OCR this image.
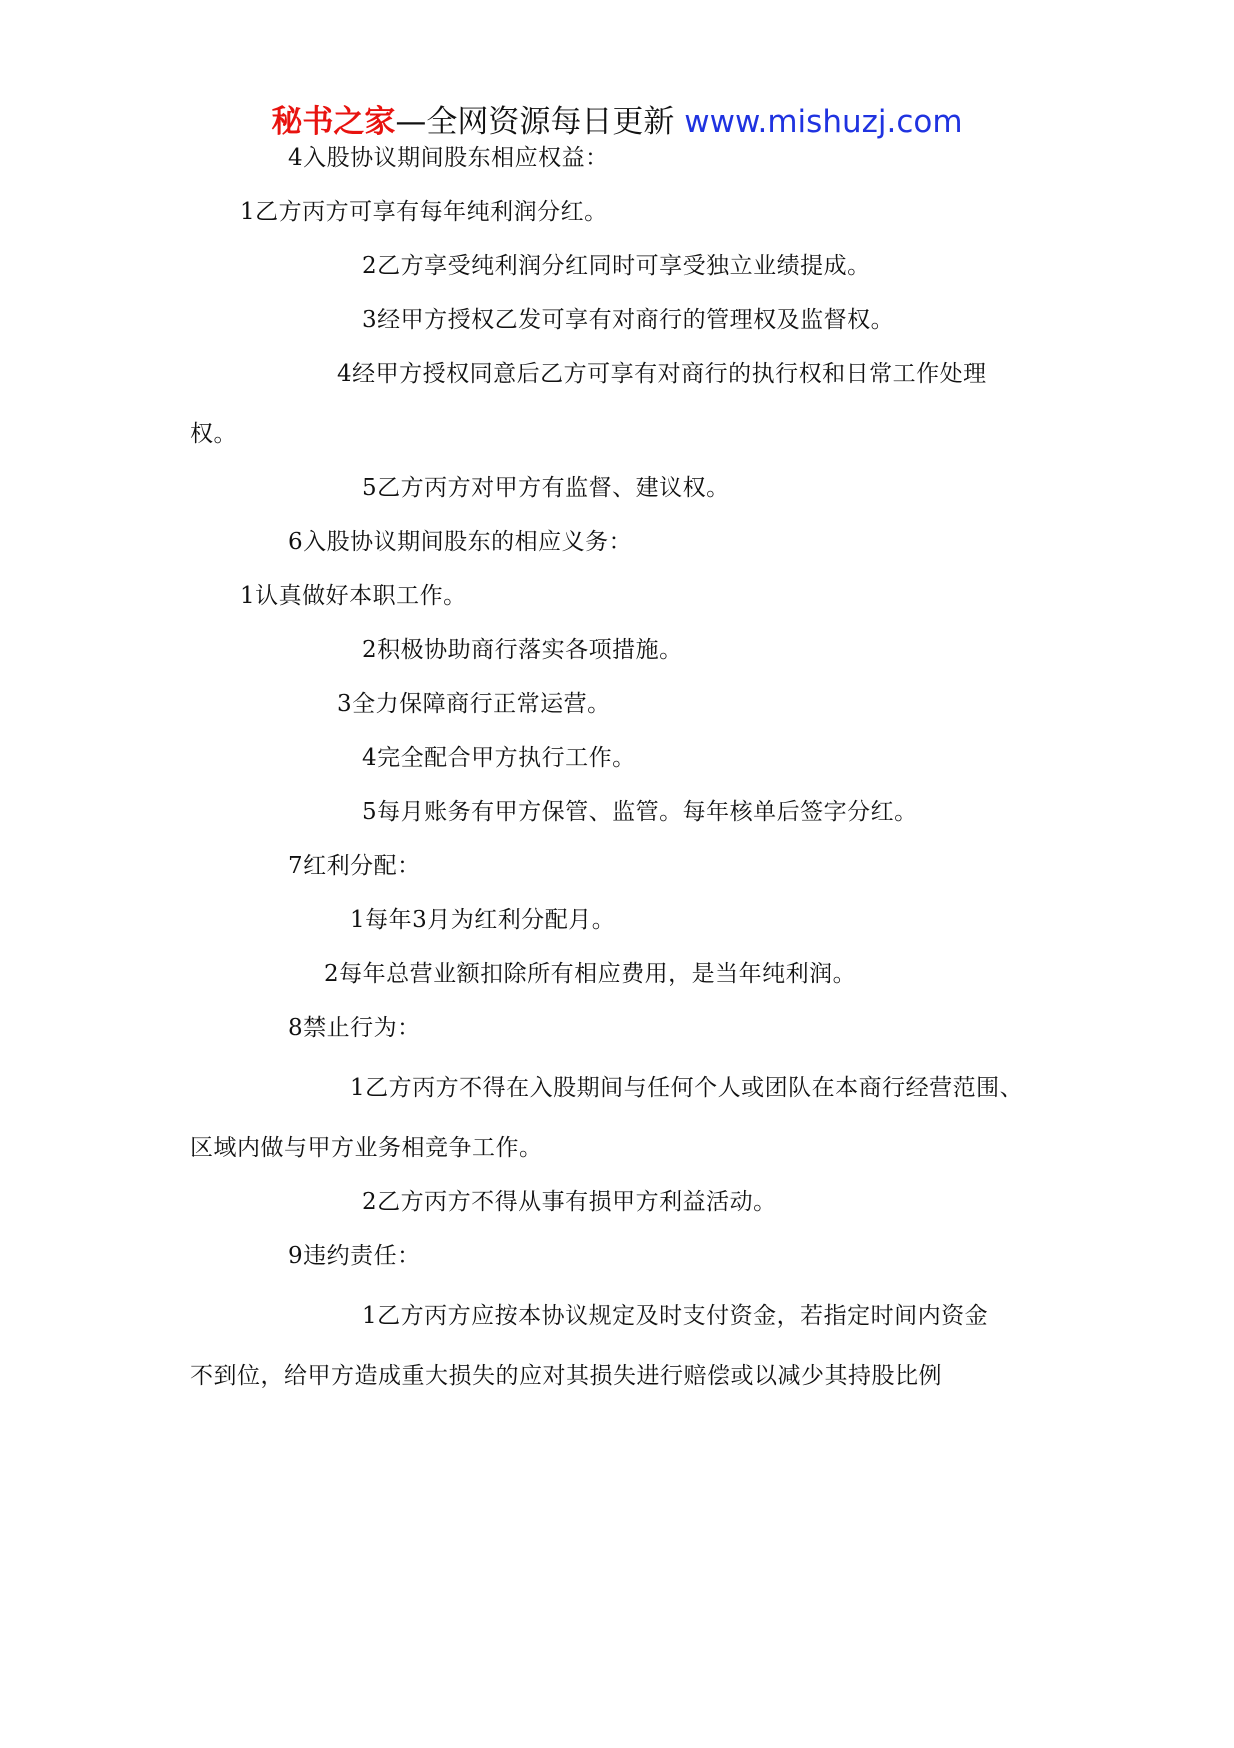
秘书之家—全网资源每日更新 www.mishuzj.com
4入股协议期间股东相应权益：
1乙方丙方可享有每年纯利润分红。
2乙方享受纯利润分红同时可享受独立业绩提成。
3经甲方授权乙发可享有对商行的管理权及监督权。
4经甲方授权同意后乙方可享有对商行的执行权和日常工作处理
权。
5乙方丙方对甲方有监督、建议权。
6入股协议期间股东的相应义务：
1认真做好本职工作。
2积极协助商行落实各项措施。
3全力保障商行正常运营。
4完全配合甲方执行工作。
5每月账务有甲方保管、监管。每年核单后签字分红。
7红利分配：
1每年3月为红利分配月。
2每年总营业额扣除所有相应费用，是当年纯利润。
8禁止行为：
1乙方丙方不得在入股期间与任何个人或团队在本商行经营范围、
区域内做与甲方业务相竞争工作。
2乙方丙方不得从事有损甲方利益活动。
9违约责任：
1乙方丙方应按本协议规定及时支付资金，若指定时间内资金
不到位，给甲方造成重大损失的应对其损失进行赔偿或以减少其持股比例
